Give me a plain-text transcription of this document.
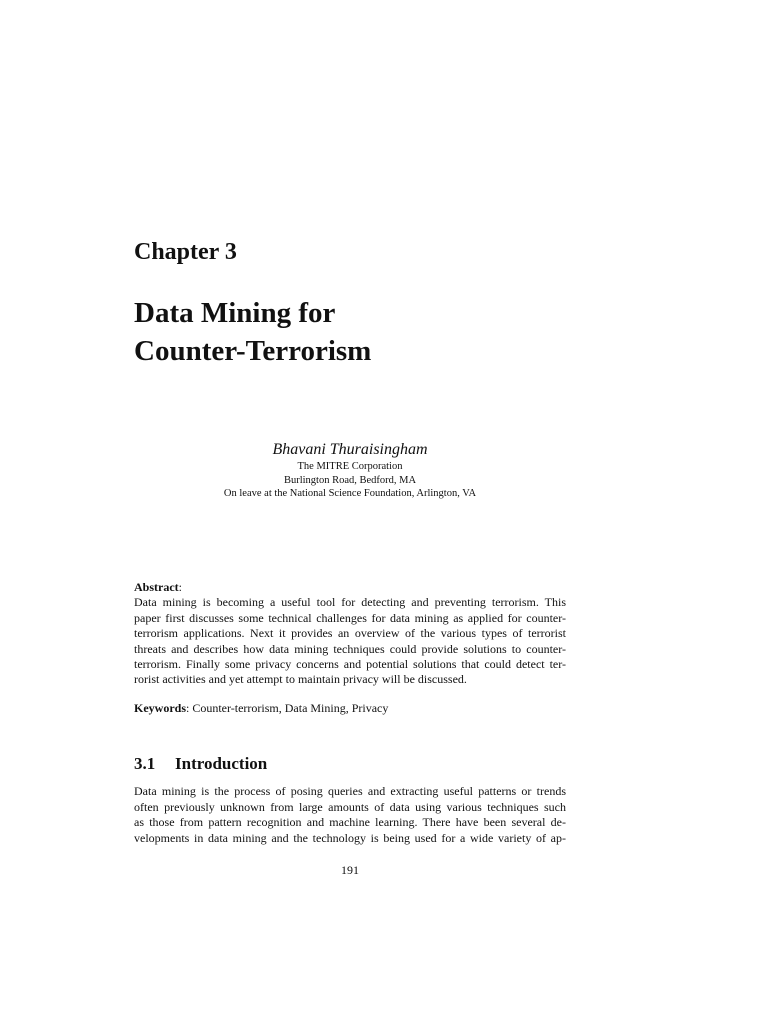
Chapter 3
Data Mining for
Counter-Terrorism
Bhavani Thuraisingham
The MITRE Corporation
Burlington Road, Bedford, MA
On leave at the National Science Foundation, Arlington, VA
Abstract:
Data mining is becoming a useful tool for detecting and preventing terrorism. This
paper first discusses some technical challenges for data mining as applied for counter-
terrorism applications. Next it provides an overview of the various types of terrorist
threats and describes how data mining techniques could provide solutions to counter-
terrorism. Finally some privacy concerns and potential solutions that could detect ter-
rorist activities and yet attempt to maintain privacy will be discussed.

Keywords: Counter-terrorism, Data Mining, Privacy

3.1 Introduction
Data mining is the process of posing queries and extracting useful patterns or trends
often previously unknown from large amounts of data using various techniques such
as those from pattern recognition and machine learning. There have been several de-
velopments in data mining and the technology is being used for a wide variety of ap-
191
